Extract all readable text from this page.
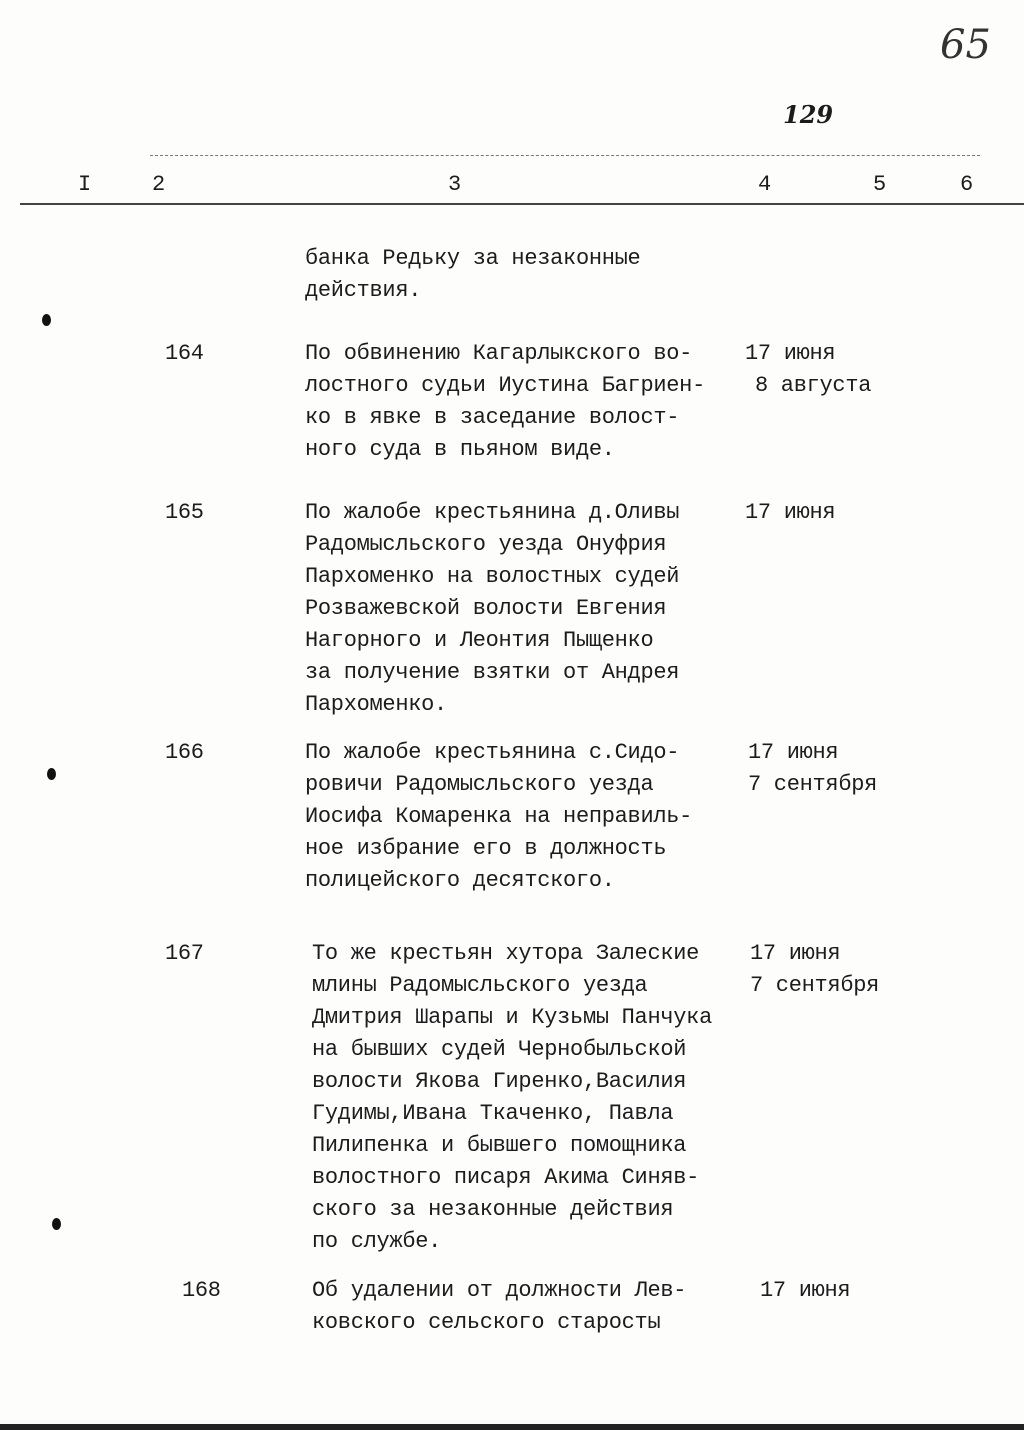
65
129
I	2	3	4	5	6
банка Редьку за незаконные
действия.
164	По обвинению Кагарлыкского во-
лостного судьи Иустина Багриен-
ко в явке в заседание волост-
ного суда в пьяном виде.
17 июня
8 августа
165	По жалобе крестьянина д.Оливы
Радомысльского уезда Онуфрия
Пархоменко на волостных судей
Розважевской волости Евгения
Нагорного и Леонтия Пыщенко
за получение взятки от Андрея
Пархоменко.
17 июня
166	По жалобе крестьянина с.Сидо-
ровичи Радомысльского уезда
Иосифа Комаренка на неправиль-
ное избрание его в должность
полицейского десятского.
17 июня
7 сентября
167	То же крестьян хутора Залеские
млины Радомысльского уезда
Дмитрия Шарапы и Кузьмы Панчука
на бывших судей Чернобыльской
волости Якова Гиренко,Василия
Гудимы,Ивана Ткаченко, Павла
Пилипенка и бывшего помощника
волостного писаря Акима Синяв-
ского за незаконные действия
по службе.
17 июня
7 сентября
168	Об удалении от должности Лев-
ковского сельского старосты
17 июня
